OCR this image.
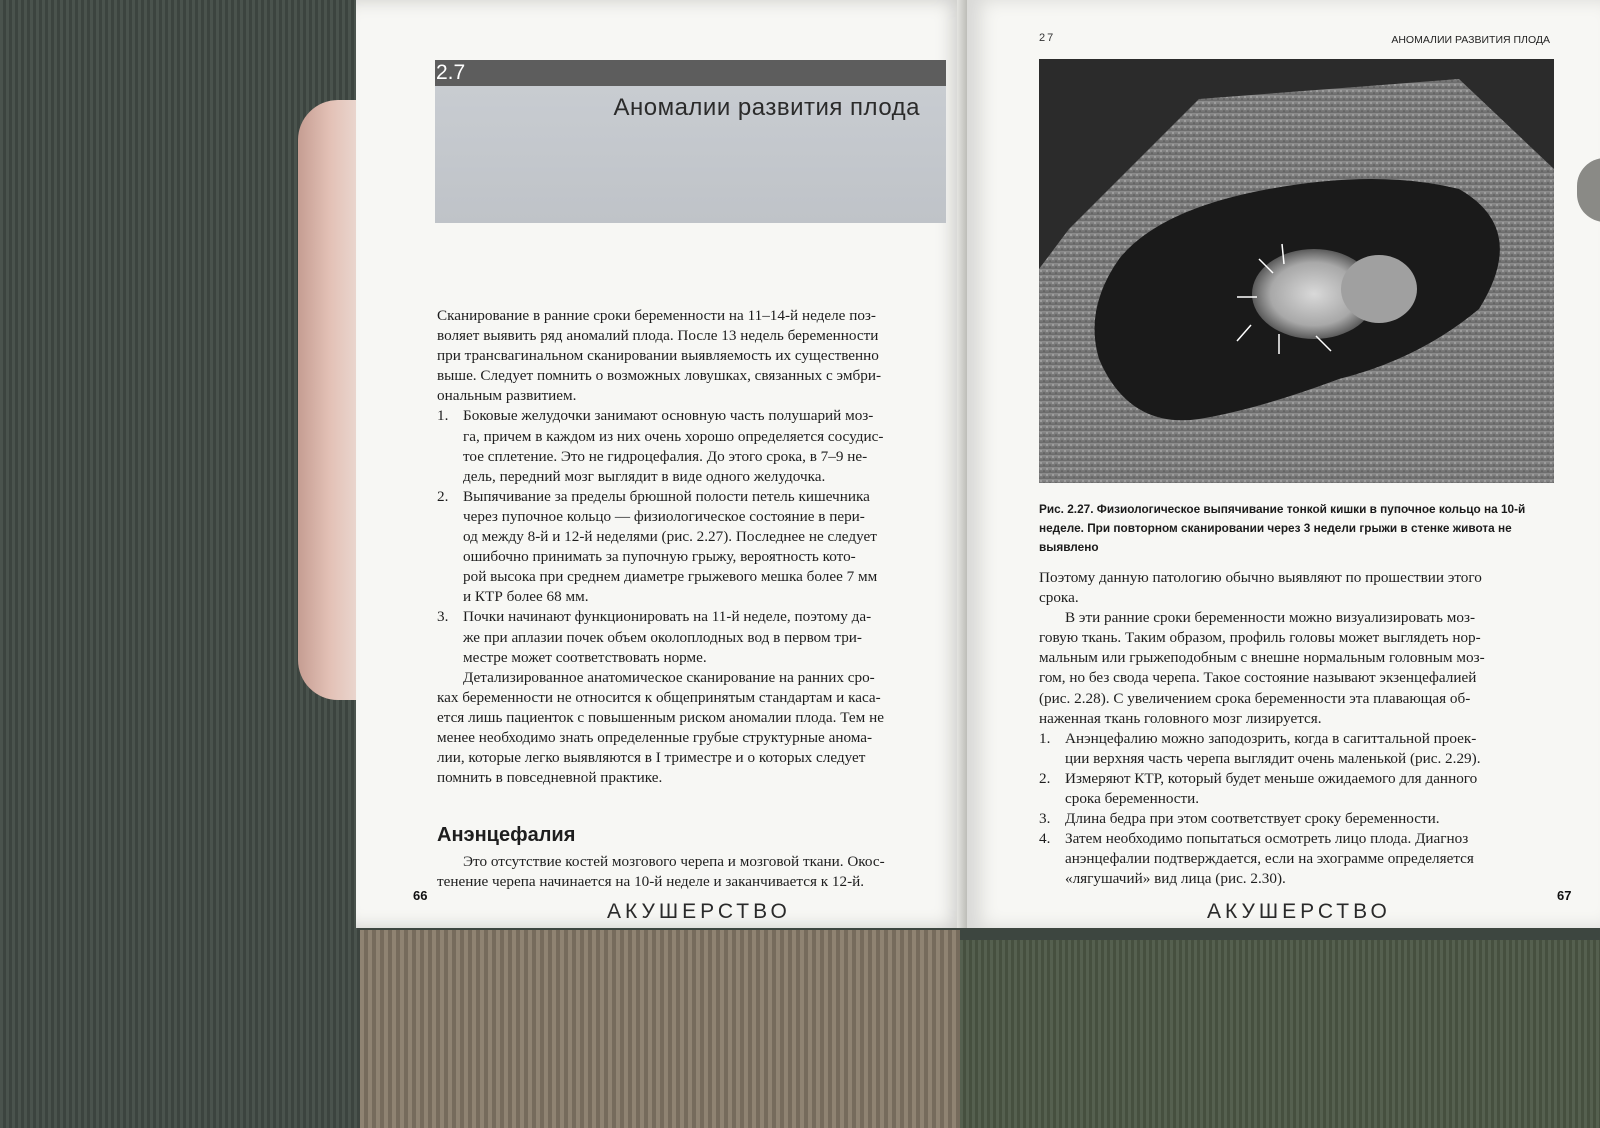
2.7
Аномалии развития плода
Сканирование в ранние сроки беременности на 11–14-й неделе поз-
воляет выявить ряд аномалий плода. После 13 недель беременности
при трансвагинальном сканировании выявляемость их существенно
выше. Следует помнить о возможных ловушках, связанных с эмбри-
ональным развитием.
1. Боковые желудочки занимают основную часть полушарий моз-
га, причем в каждом из них очень хорошо определяется сосудис-
тое сплетение. Это не гидроцефалия. До этого срока, в 7–9 не-
дель, передний мозг выглядит в виде одного желудочка.
2. Выпячивание за пределы брюшной полости петель кишечника
через пупочное кольцо — физиологическое состояние в пери-
од между 8-й и 12-й неделями (рис. 2.27). Последнее не следует
ошибочно принимать за пупочную грыжу, вероятность кото-
рой высока при среднем диаметре грыжевого мешка более 7 мм
и КТР более 68 мм.
3. Почки начинают функционировать на 11-й неделе, поэтому да-
же при аплазии почек объем околоплодных вод в первом три-
местре может соответствовать норме.
Детализированное анатомическое сканирование на ранних сро-
ках беременности не относится к общепринятым стандартам и каса-
ется лишь пациенток с повышенным риском аномалии плода. Тем не
менее необходимо знать определенные грубые структурные анома-
лии, которые легко выявляются в I триместре и о которых следует
помнить в повседневной практике.
Анэнцефалия
Это отсутствие костей мозгового черепа и мозговой ткани. Окос-
тенение черепа начинается на 10-й неделе и заканчивается к 12-й.
66
АКУШЕРСТВО
27	АНОМАЛИИ РАЗВИТИЯ ПЛОДА
Рис. 2.27. Физиологическое выпячивание тонкой кишки в пупочное кольцо на 10-й неделе. При повторном сканировании через 3 недели грыжи в стенке живота не выявлено
Поэтому данную патологию обычно выявляют по прошествии этого
срока.
В эти ранние сроки беременности можно визуализировать моз-
говую ткань. Таким образом, профиль головы может выглядеть нор-
мальным или грыжеподобным с внешне нормальным головным моз-
гом, но без свода черепа. Такое состояние называют экзенцефалией
(рис. 2.28). С увеличением срока беременности эта плавающая об-
наженная ткань головного мозг лизируется.
1. Анэнцефалию можно заподозрить, когда в сагиттальной проек-
ции верхняя часть черепа выглядит очень маленькой (рис. 2.29).
2. Измеряют КТР, который будет меньше ожидаемого для данного
срока беременности.
3. Длина бедра при этом соответствует сроку беременности.
4. Затем необходимо попытаться осмотреть лицо плода. Диагноз
анэнцефалии подтверждается, если на эхограмме определяется
«лягушачий» вид лица (рис. 2.30).
67
АКУШЕРСТВО
